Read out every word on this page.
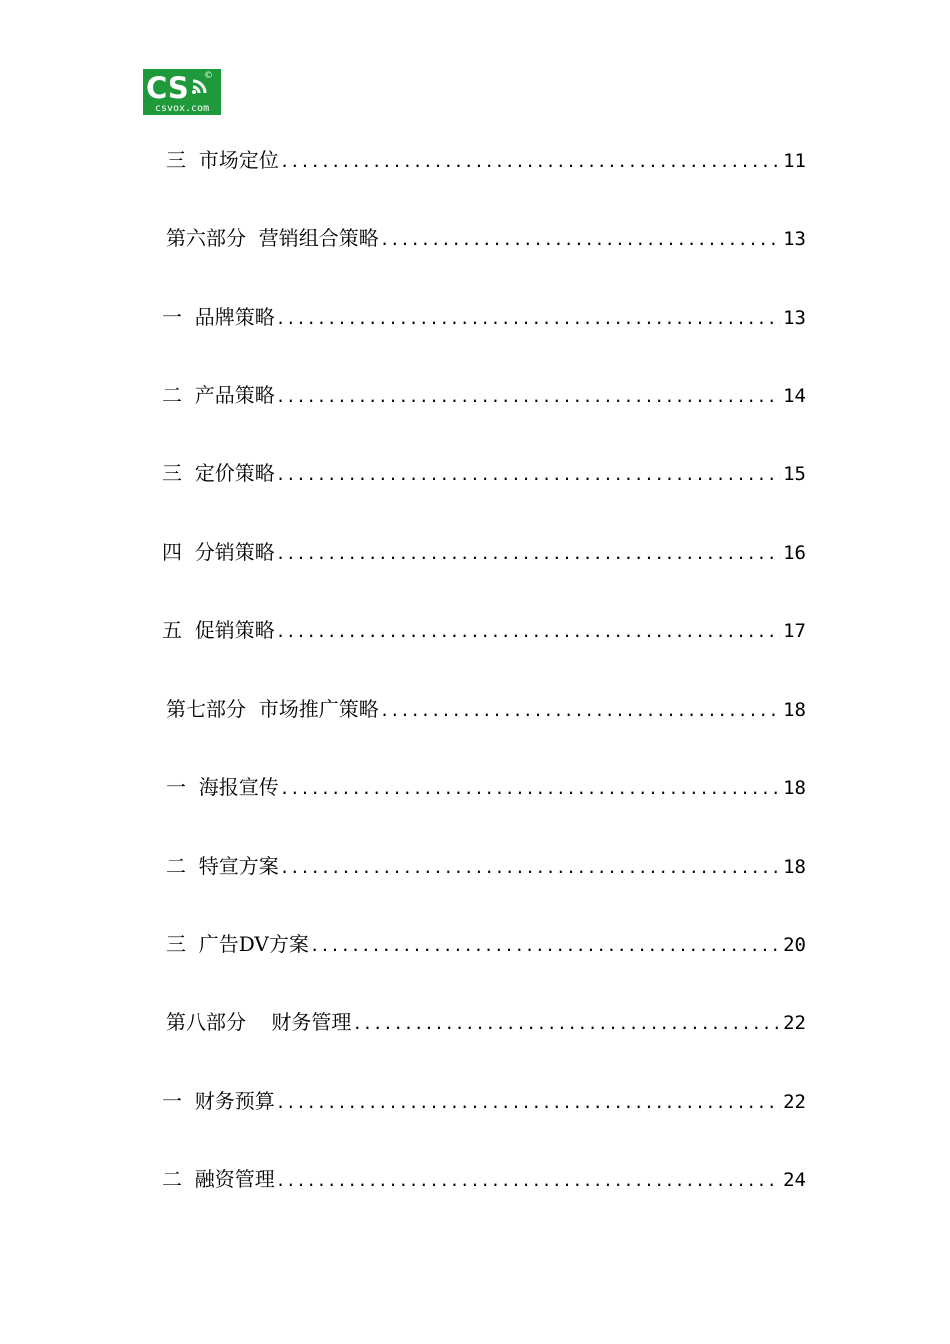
CS ©
csvox.com
三  市场定位 .....	11
第六部分  营销组合策略 .....	13
一  品牌策略 .....	13
二  产品策略 .....	14
三  定价策略 .....	15
四  分销策略 .....	16
五  促销策略 .....	17
第七部分  市场推广策略 .....	18
一  海报宣传 .....	18
二  特宣方案 .....	18
三  广告DV方案 .....	20
第八部分    财务管理 .....	22
一  财务预算 .....	22
二  融资管理 .....	24
